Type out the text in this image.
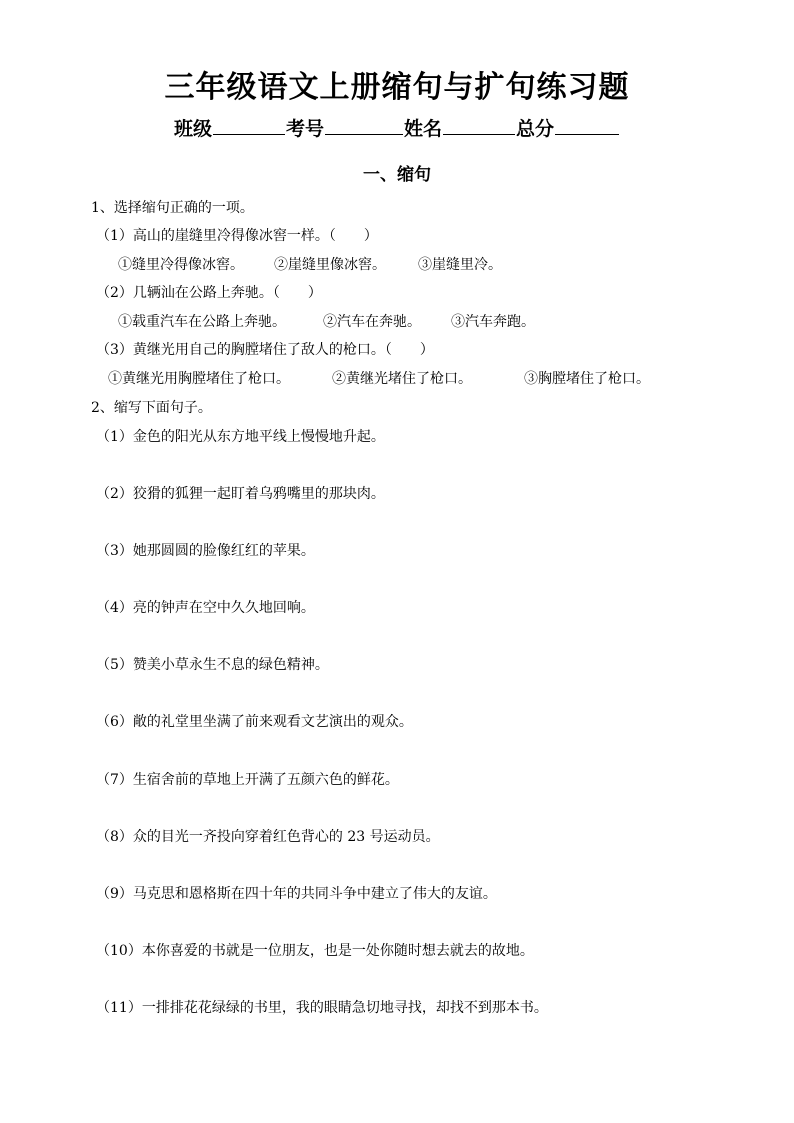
三年级语文上册缩句与扩句练习题
班级	考号	姓名	总分
一、缩句
1、选择缩句正确的一项。
（1）高山的崖缝里冷得像冰窖一样。（　　）
①缝里冷得像冰窖。 ②崖缝里像冰窖。 ③崖缝里冷。
（2）几辆汕在公路上奔驰。（　　）
①载重汽车在公路上奔驰。	②汽车在奔驰。 ③汽车奔跑。
（3）黄继光用自己的胸膛堵住了敌人的枪口。（　　）
①黄继光用胸膛堵住了枪口。	②黄继光堵住了枪口。	③胸膛堵住了枪口。
2、缩写下面句子。
（1）金色的阳光从东方地平线上慢慢地升起。
（2）狡猾的狐狸一起盯着乌鸦嘴里的那块肉。
（3）她那圆圆的脸像红红的苹果。
（4）亮的钟声在空中久久地回响。
（5）赞美小草永生不息的绿色精神。
（6）敞的礼堂里坐满了前来观看文艺演出的观众。
（7）生宿舍前的草地上开满了五颜六色的鲜花。
（8）众的目光一齐投向穿着红色背心的 23 号运动员。
（9）马克思和恩格斯在四十年的共同斗争中建立了伟大的友谊。
（10）本你喜爱的书就是一位朋友，也是一处你随时想去就去的故地。
（11）一排排花花绿绿的书里，我的眼睛急切地寻找，却找不到那本书。
